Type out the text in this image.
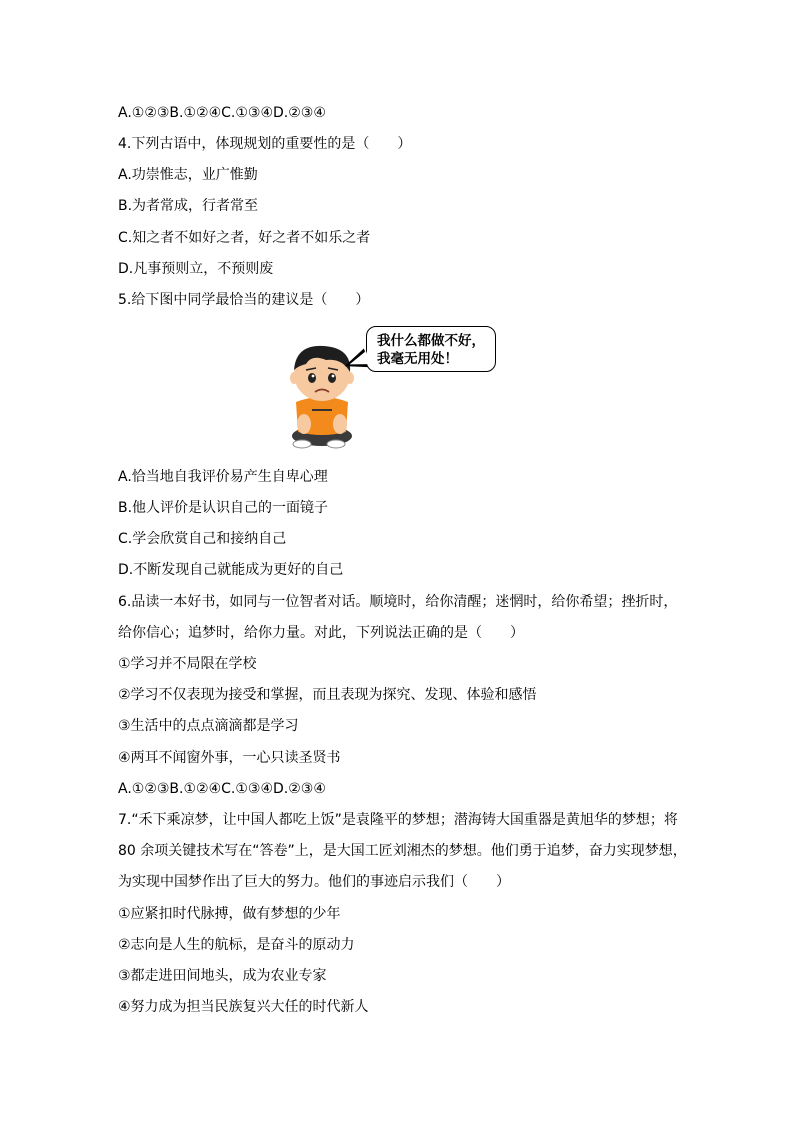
A.①②③B.①②④C.①③④D.②③④
4.下列古语中，体现规划的重要性的是（　　）
A.功崇惟志，业广惟勤
B.为者常成，行者常至
C.知之者不如好之者，好之者不如乐之者
D.凡事预则立，不预则废
5.给下图中同学最恰当的建议是（　　）
A.恰当地自我评价易产生自卑心理
B.他人评价是认识自己的一面镜子
C.学会欣赏自己和接纳自己
D.不断发现自己就能成为更好的自己
6.品读一本好书，如同与一位智者对话。顺境时，给你清醒；迷惘时，给你希望；挫折时，
给你信心；追梦时，给你力量。对此，下列说法正确的是（　　）
①学习并不局限在学校
②学习不仅表现为接受和掌握，而且表现为探究、发现、体验和感悟
③生活中的点点滴滴都是学习
④两耳不闻窗外事，一心只读圣贤书
A.①②③B.①②④C.①③④D.②③④
7.“禾下乘凉梦，让中国人都吃上饭”是袁隆平的梦想；潜海铸大国重器是黄旭华的梦想；将
80 余项关键技术写在“答卷”上，是大国工匠刘湘杰的梦想。他们勇于追梦，奋力实现梦想，
为实现中国梦作出了巨大的努力。他们的事迹启示我们（　　）
①应紧扣时代脉搏，做有梦想的少年
②志向是人生的航标，是奋斗的原动力
③都走进田间地头，成为农业专家
④努力成为担当民族复兴大任的时代新人
我什么都做不好，
我毫无用处！
